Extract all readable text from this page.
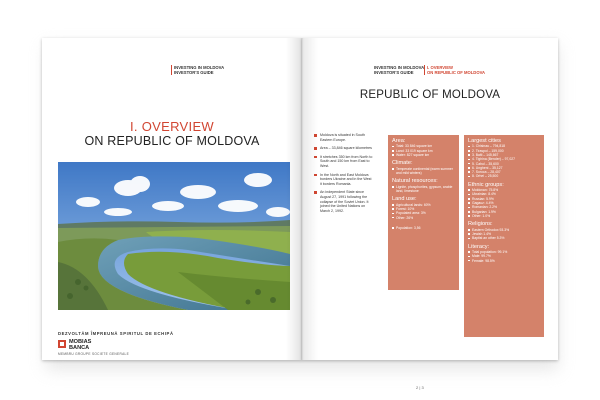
INVESTING IN MOLDOVA
INVESTOR'S GUIDE
I. OVERVIEW
ON REPUBLIC OF MOLDOVA
DEZVOLTĂM ÎMPREUNĂ SPIRITUL DE ECHIPĂ
MOBIAS
BANCA
MEMBRU GROUPE SOCIETE GENERALE
INVESTING IN MOLDOVA
INVESTOR'S GUIDE
I. OVERVIEW
ON REPUBLIC OF MOLDOVA
REPUBLIC OF MOLDOVA
Moldova is situated in South Eastern Europe.
Area – 33,846 square kilometres
It stretches 350 km from North to South and 150 km from East to West.
In the North and East Moldova borders Ukraine and in the West it borders Romania.
An independent State since August 27, 1991 following the collapse of the Soviet Union. It joined the United Nations on March 2, 1992.
Area:
Total: 33 846 square km
Land: 33 019 square km
Water: 827 square km
Climate:
Temperate continental (warm summer and mild winters)
Natural resources:
Lignite, phosphorites, gypsum, arable land, limestone
Land use:
Agricultural lands: 60%
Forest: 10%
Populated area: 3%
Other: 26%
Population: 3,56
Largest cities
1. Chisinau – 794,818
2. Tiraspol – 159,000
3. Balti – 145,667
4. Tighina (Bender) – 97,027
5. Cahul – 35,600
6. Ungheni – 35,127
7. Soroca – 28,407
8. Orhei – 25,500
Ethnic groups:
Moldovan: 75.8%
Ukrainian: 8.4%
Russian: 5.9%
Gagauz: 4.4%
Romanian: 2.2%
Bulgarian: 1.9%
Other: 1.0%
Religions:
Eastern Orthodox 93.3%
Jewish 1.4%
Baptist an other 5.3%
Literacy:
Total population: 99.1%
Male: 99.7%
Female: 98.5%
2 | 3
